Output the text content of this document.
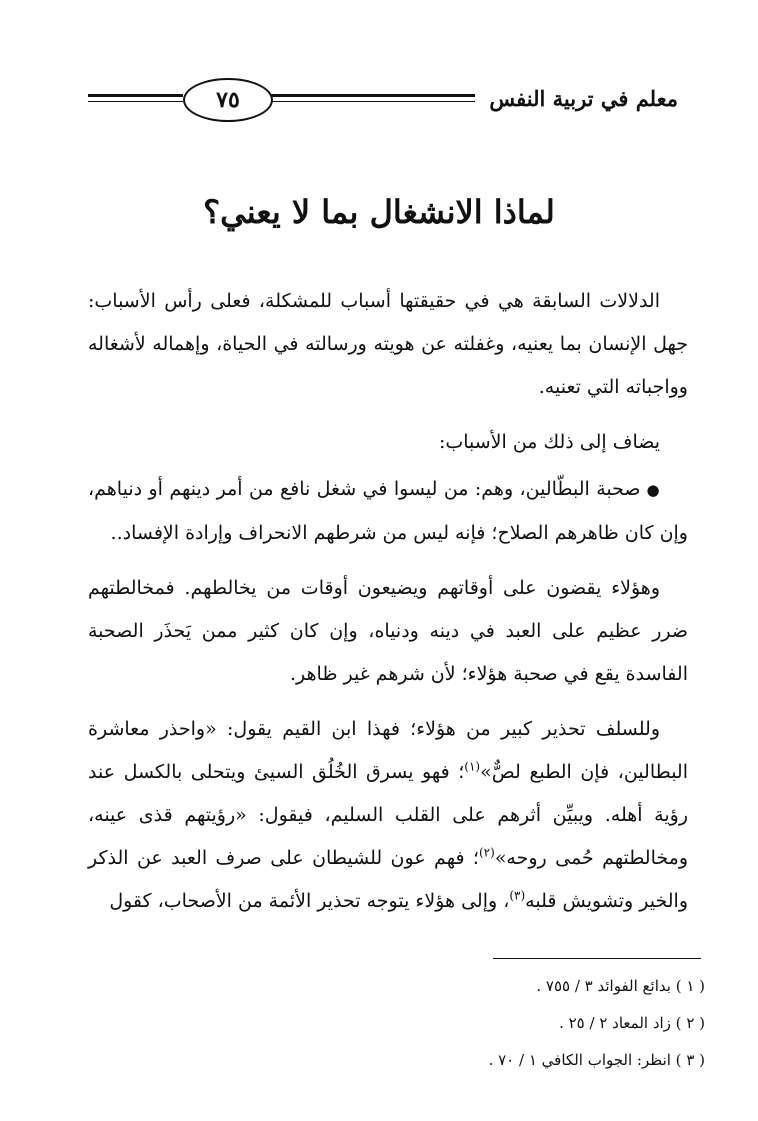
معلم في تربية النفس
٧٥
لماذا الانشغال بما لا يعني؟

الدلالات السابقة هي في حقيقتها أسباب للمشكلة، فعلى رأس الأسباب: جهل الإنسان بما يعنيه، وغفلته عن هويته ورسالته في الحياة، وإهماله لأشغاله وواجباته التي تعنيه.

يضاف إلى ذلك من الأسباب:

●صحبة البطّالين، وهم: من ليسوا في شغل نافع من أمر دينهم أو دنياهم، وإن كان ظاهرهم الصلاح؛ فإنه ليس من شرطهم الانحراف وإرادة الإفساد..

وهؤلاء يقضون على أوقاتهم ويضيعون أوقات من يخالطهم. فمخالطتهم ضرر عظيم على العبد في دينه ودنياه، وإن كان كثير ممن يَحذَر الصحبة الفاسدة يقع في صحبة هؤلاء؛ لأن شرهم غير ظاهر.

وللسلف تحذير كبير من هؤلاء؛ فهذا ابن القيم يقول: «واحذر معاشرة البطالين، فإن الطبع لصٌّ»$^{(١)}$؛ فهو يسرق الخُلُق السيئ ويتحلى بالكسل عند رؤية أهله. ويبيِّن أثرهم على القلب السليم، فيقول: «رؤيتهم قذى عينه، ومخالطتهم حُمى روحه»$^{(٢)}$؛ فهم عون للشيطان على صرف العبد عن الذكر والخير وتشويش قلبه$^{(٣)}$، وإلى هؤلاء يتوجه تحذير الأئمة من الأصحاب، كقول

( ١ ) بدائع الفوائد ٣ / ٧٥٥ .
( ٢ ) زاد المعاد ٢ / ٢٥ .
( ٣ ) انظر: الجواب الكافي ١ / ٧٠ .
